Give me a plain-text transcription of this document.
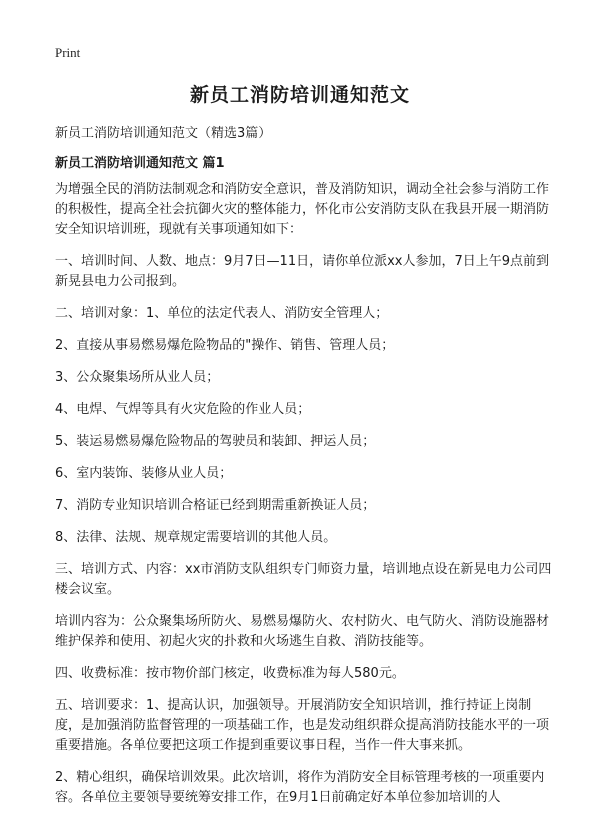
Print
新员工消防培训通知范文
新员工消防培训通知范文（精选3篇）
新员工消防培训通知范文 篇1

为增强全民的消防法制观念和消防安全意识，普及消防知识，调动全社会参与消防工作的积极性，提高全社会抗御火灾的整体能力，怀化市公安消防支队在我县开展一期消防安全知识培训班，现就有关事项通知如下：

一、培训时间、人数、地点：9月7日—11日，请你单位派xx人参加，7日上午9点前到新晃县电力公司报到。

二、培训对象：1、单位的法定代表人、消防安全管理人；

2、直接从事易燃易爆危险物品的"操作、销售、管理人员；

3、公众聚集场所从业人员；

4、电焊、气焊等具有火灾危险的作业人员；

5、装运易燃易爆危险物品的驾驶员和装卸、押运人员；

6、室内装饰、装修从业人员；

7、消防专业知识培训合格证已经到期需重新换证人员；

8、法律、法规、规章规定需要培训的其他人员。

三、培训方式、内容：xx市消防支队组织专门师资力量，培训地点设在新晃电力公司四楼会议室。

培训内容为：公众聚集场所防火、易燃易爆防火、农村防火、电气防火、消防设施器材维护保养和使用、初起火灾的扑救和火场逃生自救、消防技能等。

四、收费标准：按市物价部门核定，收费标准为每人580元。

五、培训要求：1、提高认识，加强领导。开展消防安全知识培训，推行持证上岗制度，是加强消防监督管理的一项基础工作，也是发动组织群众提高消防技能水平的一项重要措施。各单位要把这项工作提到重要议事日程，当作一件大事来抓。

2、精心组织，确保培训效果。此次培训，将作为消防安全目标管理考核的一项重要内容。各单位主要领导要统筹安排工作，在9月1日前确定好本单位参加培训的人
